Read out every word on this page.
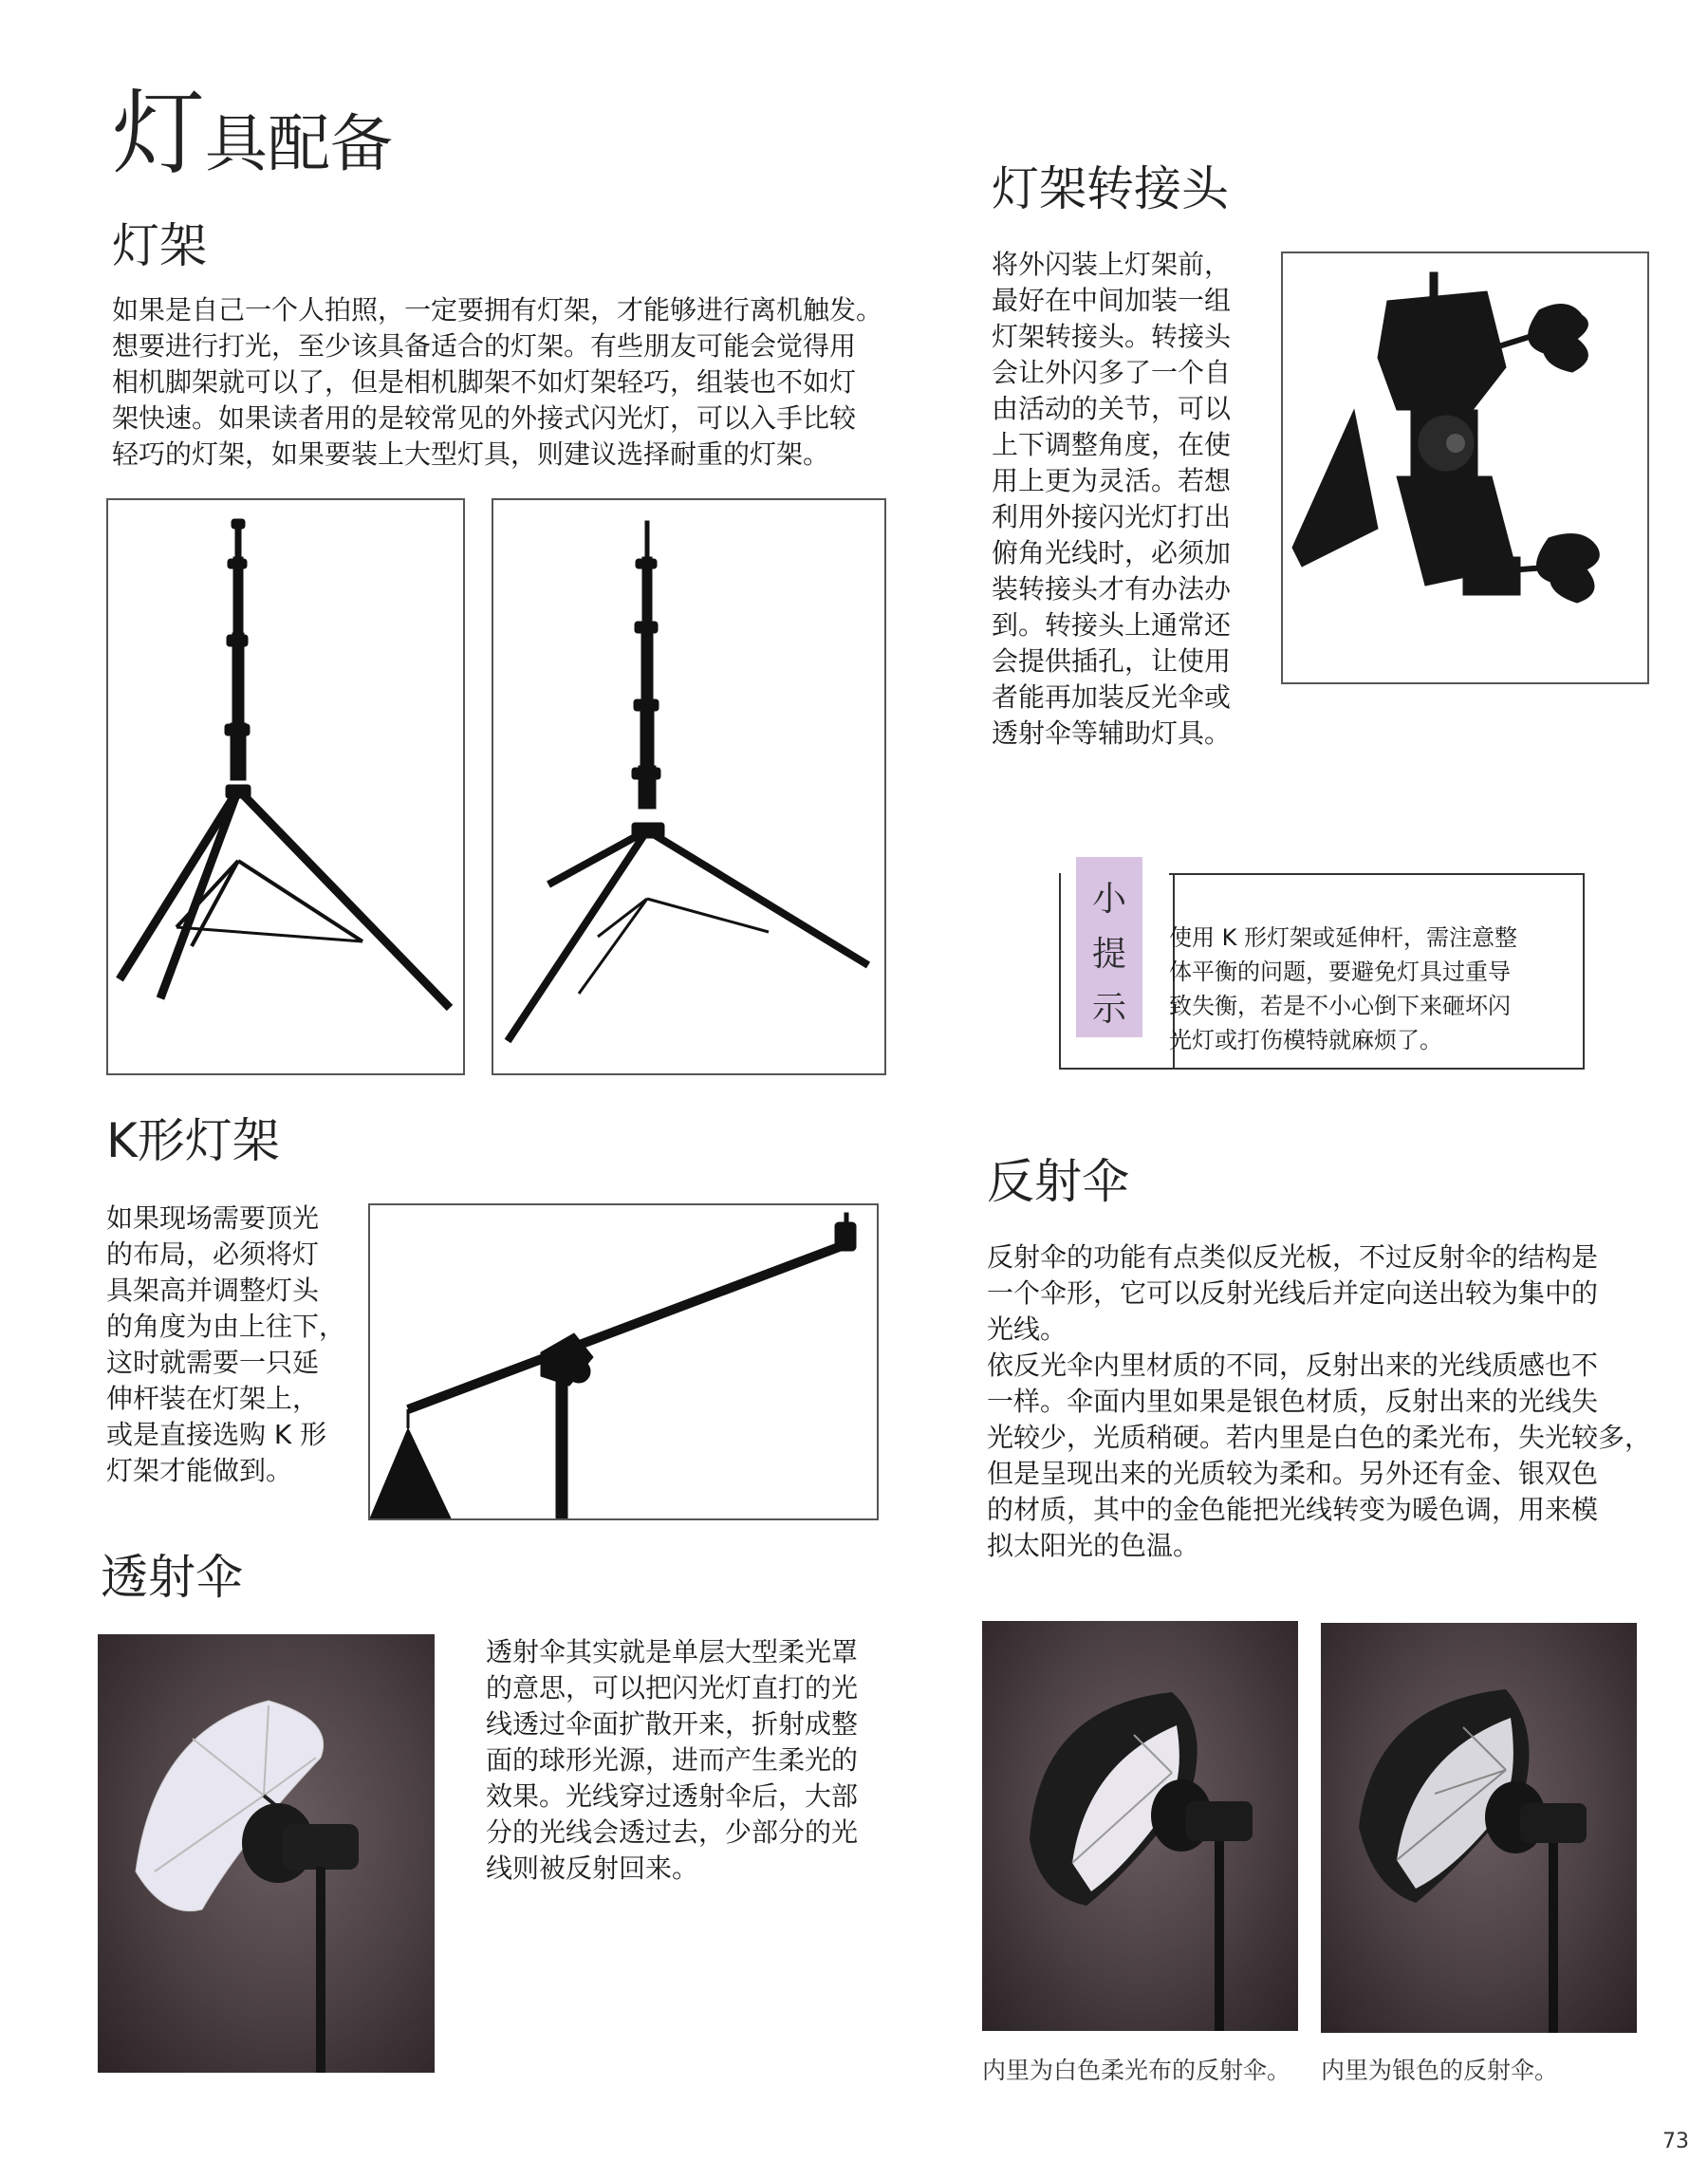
灯具配备
灯架
如果是自己一个人拍照，一定要拥有灯架，才能够进行离机触发。
想要进行打光，至少该具备适合的灯架。有些朋友可能会觉得用
相机脚架就可以了，但是相机脚架不如灯架轻巧，组装也不如灯
架快速。如果读者用的是较常见的外接式闪光灯，可以入手比较
轻巧的灯架，如果要装上大型灯具，则建议选择耐重的灯架。
灯架转接头
将外闪装上灯架前，
最好在中间加装一组
灯架转接头。转接头
会让外闪多了一个自
由活动的关节，可以
上下调整角度，在使
用上更为灵活。若想
利用外接闪光灯打出
俯角光线时，必须加
装转接头才有办法办
到。转接头上通常还
会提供插孔，让使用
者能再加装反光伞或
透射伞等辅助灯具。
小
提
示
使用 K 形灯架或延伸杆，需注意整
体平衡的问题，要避免灯具过重导
致失衡，若是不小心倒下来砸坏闪
光灯或打伤模特就麻烦了。
K形灯架
如果现场需要顶光
的布局，必须将灯
具架高并调整灯头
的角度为由上往下，
这时就需要一只延
伸杆装在灯架上，
或是直接选购 K 形
灯架才能做到。
透射伞
透射伞其实就是单层大型柔光罩
的意思，可以把闪光灯直打的光
线透过伞面扩散开来，折射成整
面的球形光源，进而产生柔光的
效果。光线穿过透射伞后，大部
分的光线会透过去，少部分的光
线则被反射回来。
反射伞
反射伞的功能有点类似反光板，不过反射伞的结构是
一个伞形，它可以反射光线后并定向送出较为集中的
光线。
依反光伞内里材质的不同，反射出来的光线质感也不
一样。伞面内里如果是银色材质，反射出来的光线失
光较少，光质稍硬。若内里是白色的柔光布，失光较多，
但是呈现出来的光质较为柔和。另外还有金、银双色
的材质，其中的金色能把光线转变为暖色调，用来模
拟太阳光的色温。
内里为白色柔光布的反射伞。 内里为银色的反射伞。
73
